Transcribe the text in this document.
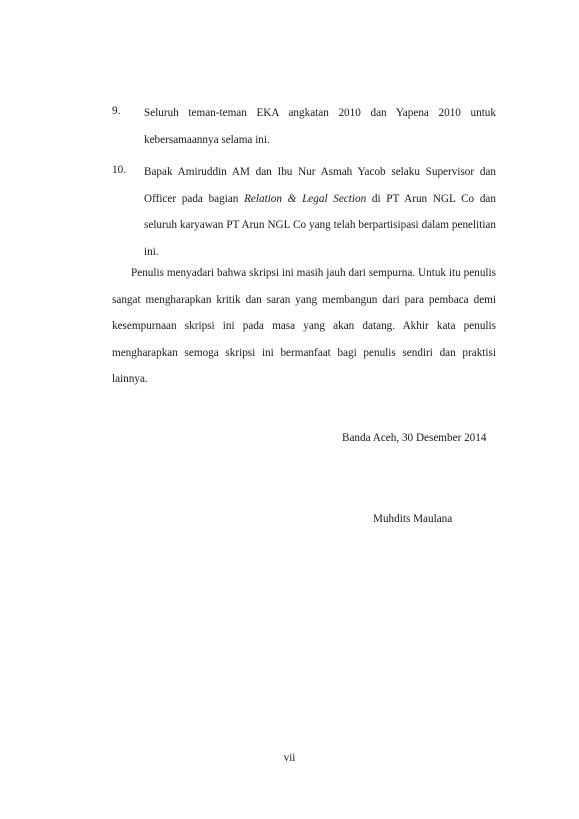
9.	Seluruh teman-teman EKA angkatan 2010 dan Yapena 2010 untuk kebersamaannya selama ini.
10.	Bapak Amiruddin AM dan Ibu Nur Asmah Yacob selaku Supervisor dan Officer pada bagian Relation & Legal Section di PT Arun NGL Co dan seluruh karyawan PT Arun NGL Co yang telah berpartisipasi dalam penelitian ini.
Penulis menyadari bahwa skripsi ini masih jauh dari sempurna. Untuk itu penulis sangat mengharapkan kritik dan saran yang membangun dari para pembaca demi kesempurnaan skripsi ini pada masa yang akan datang. Akhir kata penulis mengharapkan semoga skripsi ini bermanfaat bagi penulis sendiri dan praktisi lainnya.
Banda Aceh, 30 Desember 2014
Muhdits Maulana
vii
